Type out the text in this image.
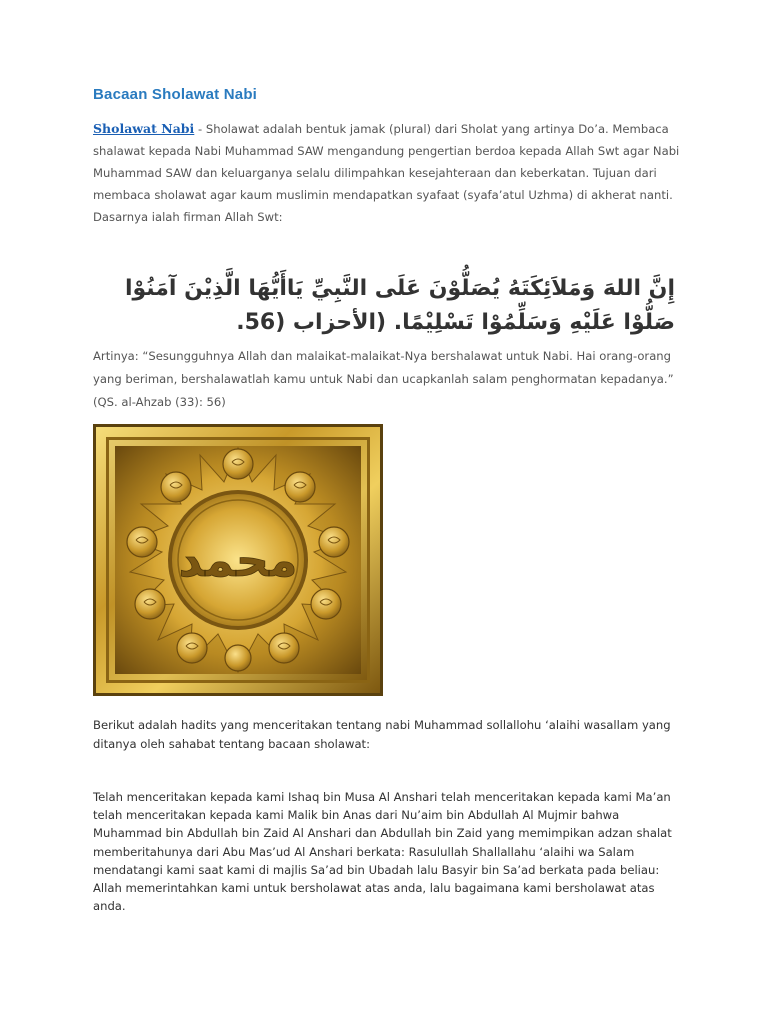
Bacaan Sholawat Nabi

Sholawat Nabi - Sholawat adalah bentuk jamak (plural) dari Sholat yang artinya Do’a. Membaca shalawat kepada Nabi Muhammad SAW mengandung pengertian berdoa kepada Allah Swt agar Nabi Muhammad SAW dan keluarganya selalu dilimpahkan kesejahteraan dan keberkatan. Tujuan dari membaca sholawat agar kaum muslimin mendapatkan syafaat (syafa’atul Uzhma) di akherat nanti. Dasarnya ialah firman Allah Swt:

إِنَّ اللهَ وَمَلاَئِكَتَهُ يُصَلُّوْنَ عَلَى النَّبِيِّ يَاأَيُّهَا الَّذِيْنَ آمَنُوْا صَلُّوْا عَلَيْهِ وَسَلِّمُوْا تَسْلِيْمًا. (الأحزاب (56.

Artinya: “Sesungguhnya Allah dan malaikat-malaikat-Nya bershalawat untuk Nabi. Hai orang-orang yang beriman, bershalawatlah kamu untuk Nabi dan ucapkanlah salam penghormatan kepadanya.” (QS. al-Ahzab (33): 56)

محمد

Berikut adalah hadits yang menceritakan tentang nabi Muhammad sollallohu ‘alaihi wasallam yang ditanya oleh sahabat tentang bacaan sholawat:

Telah menceritakan kepada kami Ishaq bin Musa Al Anshari telah menceritakan kepada kami Ma’an telah menceritakan kepada kami Malik bin Anas dari Nu’aim bin Abdullah Al Mujmir bahwa Muhammad bin Abdullah bin Zaid Al Anshari dan Abdullah bin Zaid yang memimpikan adzan shalat memberitahunya dari Abu Mas’ud Al Anshari berkata: Rasulullah Shallallahu ‘alaihi wa Salam mendatangi kami saat kami di majlis Sa’ad bin Ubadah lalu Basyir bin Sa’ad berkata pada beliau: Allah memerintahkan kami untuk bersholawat atas anda, lalu bagaimana kami bersholawat atas anda.
